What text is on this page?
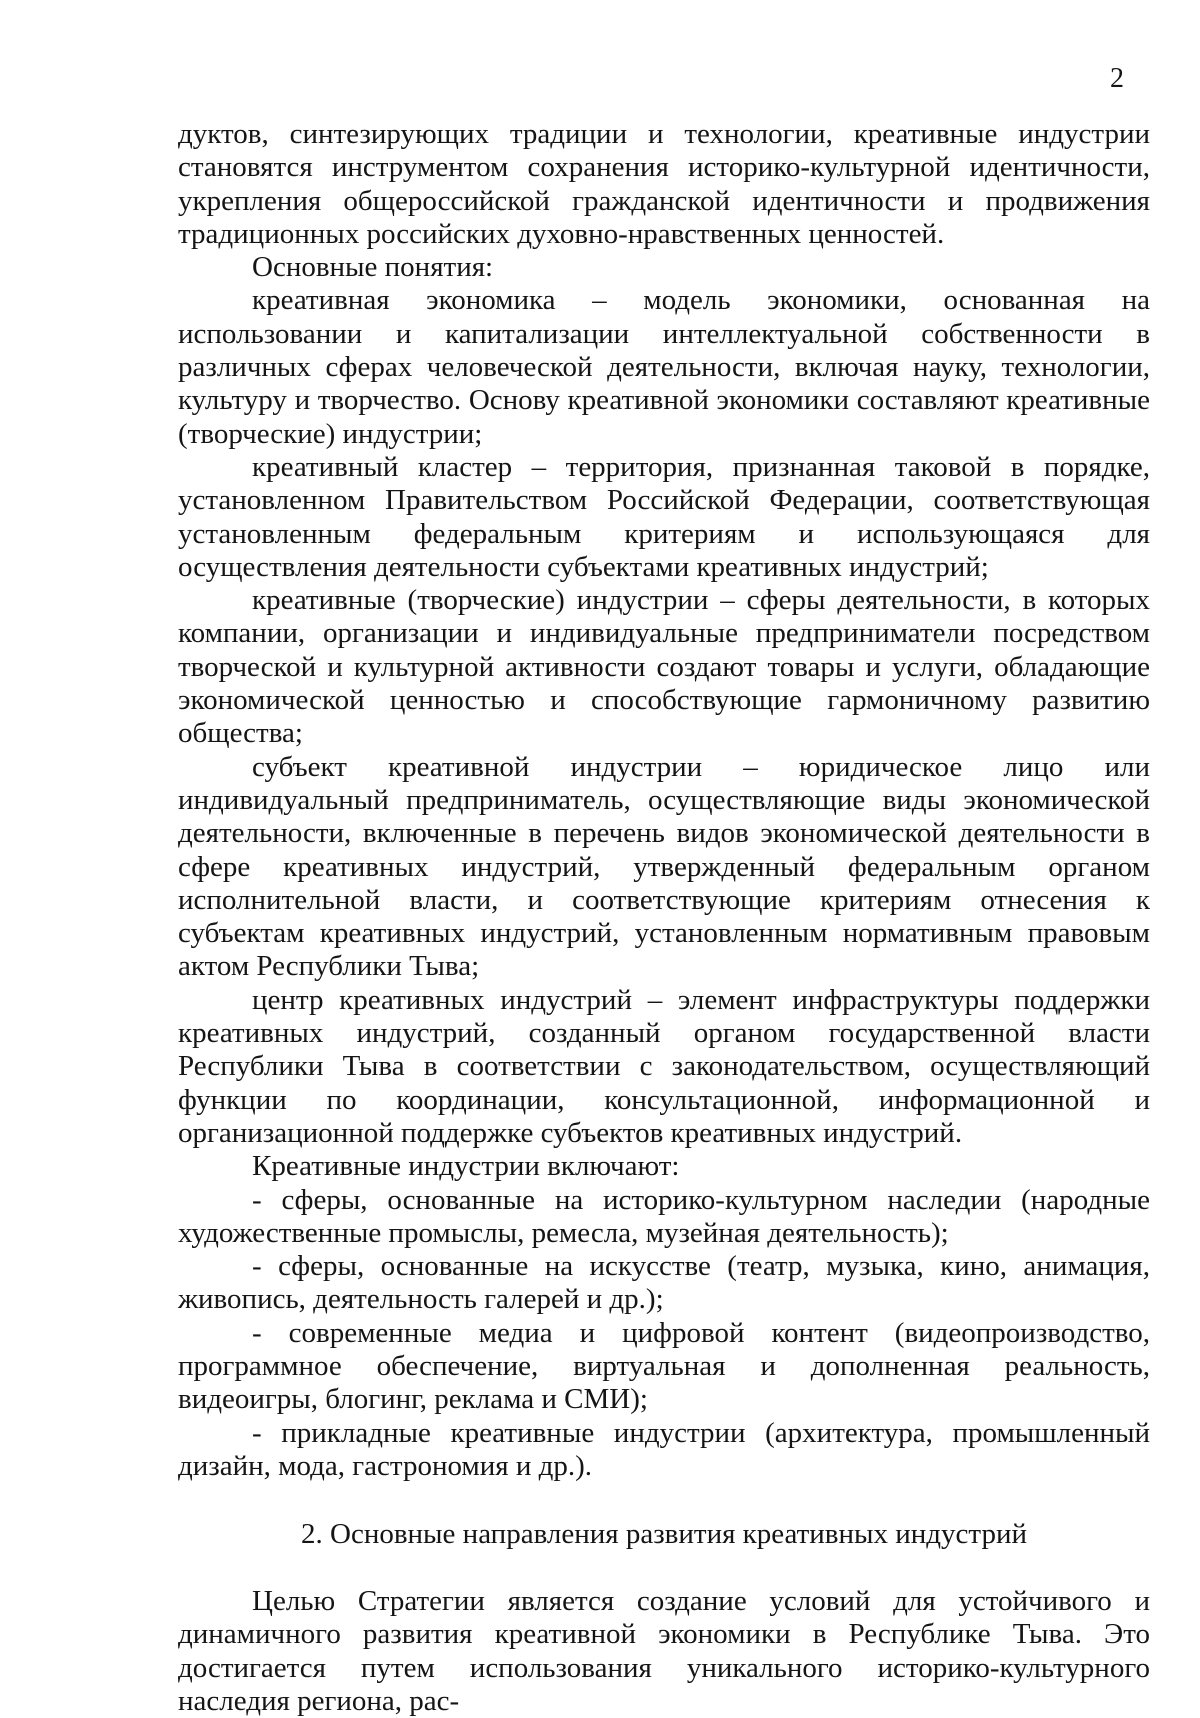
2

дуктов, синтезирующих традиции и технологии, креативные индустрии становятся инструментом сохранения историко-культурной идентичности, укрепления общероссийской гражданской идентичности и продвижения традиционных российских духовно-нравственных ценностей.

Основные понятия:

креативная экономика – модель экономики, основанная на использовании и капитализации интеллектуальной собственности в различных сферах человеческой деятельности, включая науку, технологии, культуру и творчество. Основу креативной экономики составляют креативные (творческие) индустрии;

креативный кластер – территория, признанная таковой в порядке, установленном Правительством Российской Федерации, соответствующая установленным федеральным критериям и использующаяся для осуществления деятельности субъектами креативных индустрий;

креативные (творческие) индустрии – сферы деятельности, в которых компании, организации и индивидуальные предприниматели посредством творческой и культурной активности создают товары и услуги, обладающие экономической ценностью и способствующие гармоничному развитию общества;

субъект креативной индустрии – юридическое лицо или индивидуальный предприниматель, осуществляющие виды экономической деятельности, включенные в перечень видов экономической деятельности в сфере креативных индустрий, утвержденный федеральным органом исполнительной власти, и соответствующие критериям отнесения к субъектам креативных индустрий, установленным нормативным правовым актом Республики Тыва;

центр креативных индустрий – элемент инфраструктуры поддержки креативных индустрий, созданный органом государственной власти Республики Тыва в соответствии с законодательством, осуществляющий функции по координации, консультационной, информационной и организационной поддержке субъектов креативных индустрий.

Креативные индустрии включают:

- сферы, основанные на историко-культурном наследии (народные художественные промыслы, ремесла, музейная деятельность);

- сферы, основанные на искусстве (театр, музыка, кино, анимация, живопись, деятельность галерей и др.);

- современные медиа и цифровой контент (видеопроизводство, программное обеспечение, виртуальная и дополненная реальность, видеоигры, блогинг, реклама и СМИ);

- прикладные креативные индустрии (архитектура, промышленный дизайн, мода, гастрономия и др.).

2. Основные направления развития креативных индустрий

Целью Стратегии является создание условий для устойчивого и динамичного развития креативной экономики в Республике Тыва. Это достигается путем использования уникального историко-культурного наследия региона, рас-
